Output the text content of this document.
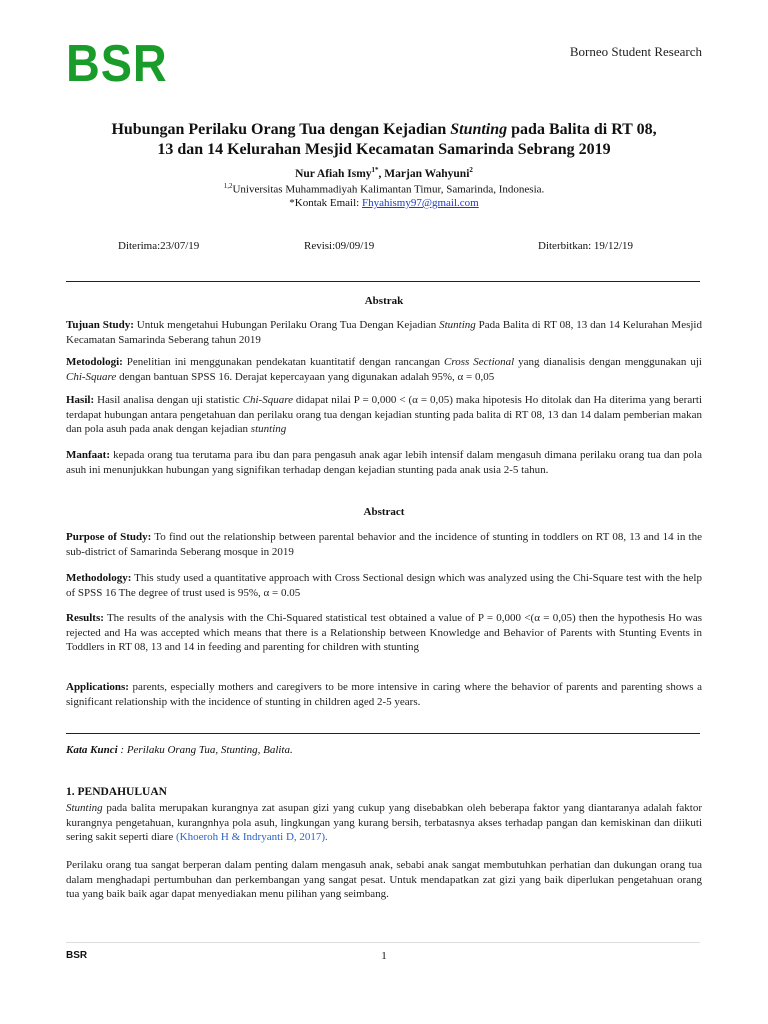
BSR	Borneo Student Research
Hubungan Perilaku Orang Tua dengan Kejadian Stunting pada Balita di RT 08,
13 dan 14 Kelurahan Mesjid Kecamatan Samarinda Sebrang 2019
Nur Afiah Ismy$^{1*}$, Marjan Wahyuni$^2$
$^{1,2}$Universitas Muhammadiyah Kalimantan Timur, Samarinda, Indonesia.
*Kontak Email: Fhyahismy97@gmail.com
Diterima:23/07/19	Revisi:09/09/19	Diterbitkan: 19/12/19
Abstrak
Tujuan Study: Untuk mengetahui Hubungan Perilaku Orang Tua Dengan Kejadian Stunting Pada Balita di RT 08, 13 dan 14 Kelurahan Mesjid Kecamatan Samarinda Seberang tahun 2019
Metodologi: Penelitian ini menggunakan pendekatan kuantitatif dengan rancangan Cross Sectional yang dianalisis dengan menggunakan uji Chi-Square dengan bantuan SPSS 16. Derajat kepercayaan yang digunakan adalah 95%, α = 0,05
Hasil: Hasil analisa dengan uji statistic Chi-Square didapat nilai P = 0,000 < (α = 0,05) maka hipotesis Ho ditolak dan Ha diterima yang berarti terdapat hubungan antara pengetahuan dan perilaku orang tua dengan kejadian stunting pada balita di RT 08, 13 dan 14 dalam pemberian makan dan pola asuh pada anak dengan kejadian stunting
Manfaat: kepada orang tua terutama para ibu dan para pengasuh anak agar lebih intensif dalam mengasuh dimana perilaku orang tua dan pola asuh ini menunjukkan hubungan yang signifikan terhadap dengan kejadian stunting pada anak usia 2-5 tahun.
Abstract
Purpose of Study: To find out the relationship between parental behavior and the incidence of stunting in toddlers on RT 08, 13 and 14 in the sub-district of Samarinda Seberang mosque in 2019
Methodology: This study used a quantitative approach with Cross Sectional design which was analyzed using the Chi-Square test with the help of SPSS 16 The degree of trust used is 95%, α = 0.05
Results: The results of the analysis with the Chi-Squared statistical test obtained a value of P = 0,000 <(α = 0,05) then the hypothesis Ho was rejected and Ha was accepted which means that there is a Relationship between Knowledge and Behavior of Parents with Stunting Events in Toddlers in RT 08, 13 and 14 in feeding and parenting for children with stunting
Applications: parents, especially mothers and caregivers to be more intensive in caring where the behavior of parents and parenting shows a significant relationship with the incidence of stunting in children aged 2-5 years.
Kata Kunci : Perilaku Orang Tua, Stunting, Balita.
1. PENDAHULUAN
Stunting pada balita merupakan kurangnya zat asupan gizi yang cukup yang disebabkan oleh beberapa faktor yang diantaranya adalah faktor kurangnya pengetahuan, kurangnhya pola asuh, lingkungan yang kurang bersih, terbatasnya akses terhadap pangan dan kemiskinan dan diikuti sering sakit seperti diare (Khoeroh H & Indryanti D, 2017).
Perilaku orang tua sangat berperan dalam penting dalam mengasuh anak, sebabi anak sangat membutuhkan perhatian dan dukungan orang tua dalam menghadapi pertumbuhan dan perkembangan yang sangat pesat. Untuk mendapatkan zat gizi yang baik diperlukan pengetahuan orang tua yang baik baik agar dapat menyediakan menu pilihan yang seimbang.
BSR	1
